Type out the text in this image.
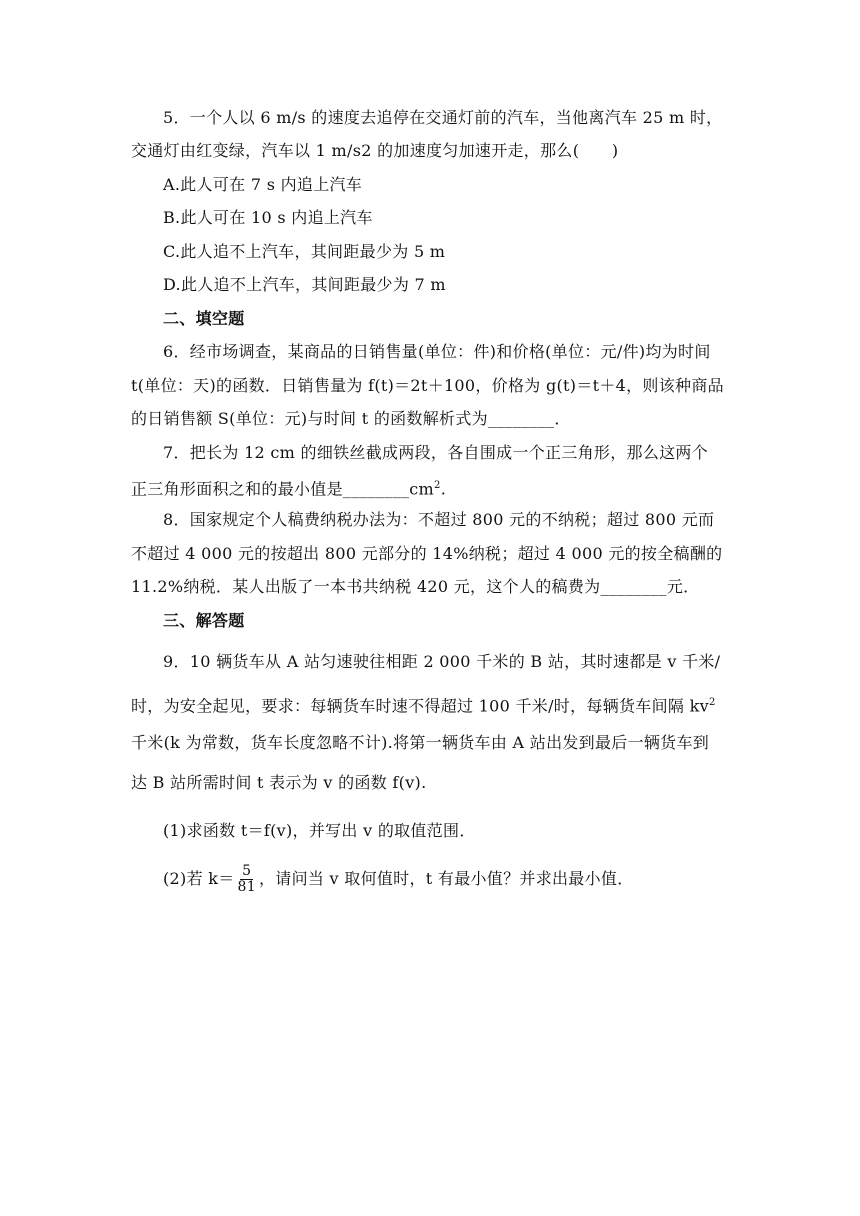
5．一个人以 6 m/s 的速度去追停在交通灯前的汽车，当他离汽车 25 m 时，
交通灯由红变绿，汽车以 1 m/s2 的加速度匀加速开走，那么(　　)
A.此人可在 7 s 内追上汽车
B.此人可在 10 s 内追上汽车
C.此人追不上汽车，其间距最少为 5 m
D.此人追不上汽车，其间距最少为 7 m
二、填空题
6．经市场调查，某商品的日销售量(单位：件)和价格(单位：元/件)均为时间
t(单位：天)的函数．日销售量为 f(t)＝2t＋100，价格为 g(t)＝t＋4，则该种商品
的日销售额 S(单位：元)与时间 t 的函数解析式为________．
7．把长为 12 cm 的细铁丝截成两段，各自围成一个正三角形，那么这两个
正三角形面积之和的最小值是$\_\_\_\_\_\_\_\_cm^2$.
8．国家规定个人稿费纳税办法为：不超过 800 元的不纳税；超过 800 元而
不超过 4 000 元的按超出 800 元部分的 14%纳税；超过 4 000 元的按全稿酬的
11.2%纳税．某人出版了一本书共纳税 420 元，这个人的稿费为________元．
三、解答题
9．10 辆货车从 A 站匀速驶往相距 2 000 千米的 B 站，其时速都是 v 千米/
时，为安全起见，要求：每辆货车时速不得超过 100 千米/时，每辆货车间隔 $kv^2$
千米(k 为常数，货车长度忽略不计).将第一辆货车由 A 站出发到最后一辆货车到
达 B 站所需时间 t 表示为 v 的函数 f(v).
(1)求函数 t＝f(v)，并写出 v 的取值范围．
(2)若 $k= \frac{5}{81}$ ，请问当 v 取何值时，t 有最小值？并求出最小值．
